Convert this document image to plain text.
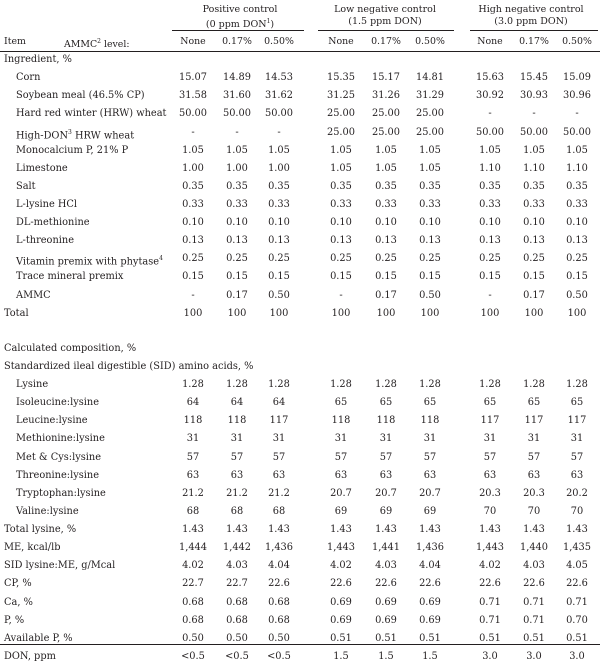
Positive control
(0 ppm DON$^1$)
Low negative control
(1.5 ppm DON)
High negative control
(3.0 ppm DON)
Item	AMMC$^2$ level:	None	0.17%	0.50%	None	0.17%	0.50%	None	0.17%	0.50%
Ingredient, %
Corn	15.07	14.89	14.53	15.35	15.17	14.81	15.63	15.45	15.09
Soybean meal (46.5% CP)	31.58	31.60	31.62	31.25	31.26	31.29	30.92	30.93	30.96
Hard red winter (HRW) wheat	50.00	50.00	50.00	25.00	25.00	25.00	-	-	-
High-DON$^3$ HRW wheat	-	-	-	25.00	25.00	25.00	50.00	50.00	50.00
Monocalcium P, 21% P	1.05	1.05	1.05	1.05	1.05	1.05	1.05	1.05	1.05
Limestone	1.00	1.00	1.00	1.05	1.05	1.05	1.10	1.10	1.10
Salt	0.35	0.35	0.35	0.35	0.35	0.35	0.35	0.35	0.35
L-lysine HCl	0.33	0.33	0.33	0.33	0.33	0.33	0.33	0.33	0.33
DL-methionine	0.10	0.10	0.10	0.10	0.10	0.10	0.10	0.10	0.10
L-threonine	0.13	0.13	0.13	0.13	0.13	0.13	0.13	0.13	0.13
Vitamin premix with phytase$^4$	0.25	0.25	0.25	0.25	0.25	0.25	0.25	0.25	0.25
Trace mineral premix	0.15	0.15	0.15	0.15	0.15	0.15	0.15	0.15	0.15
AMMC	-	0.17	0.50	-	0.17	0.50	-	0.17	0.50
Total	100	100	100	100	100	100	100	100	100
Calculated composition, %
Standardized ileal digestible (SID) amino acids, %
Lysine	1.28	1.28	1.28	1.28	1.28	1.28	1.28	1.28	1.28
Isoleucine:lysine	64	64	64	65	65	65	65	65	65
Leucine:lysine	118	118	117	118	118	118	117	117	117
Methionine:lysine	31	31	31	31	31	31	31	31	31
Met & Cys:lysine	57	57	57	57	57	57	57	57	57
Threonine:lysine	63	63	63	63	63	63	63	63	63
Tryptophan:lysine	21.2	21.2	21.2	20.7	20.7	20.7	20.3	20.3	20.2
Valine:lysine	68	68	68	69	69	69	70	70	70
Total lysine, %	1.43	1.43	1.43	1.43	1.43	1.43	1.43	1.43	1.43
ME, kcal/lb	1,444	1,442	1,436	1,443	1,441	1,436	1,443	1,440	1,435
SID lysine:ME, g/Mcal	4.02	4.03	4.04	4.02	4.03	4.04	4.02	4.03	4.05
CP, %	22.7	22.7	22.6	22.6	22.6	22.6	22.6	22.6	22.6
Ca, %	0.68	0.68	0.68	0.69	0.69	0.69	0.71	0.71	0.71
P, %	0.68	0.68	0.68	0.69	0.69	0.69	0.71	0.71	0.70
Available P, %	0.50	0.50	0.50	0.51	0.51	0.51	0.51	0.51	0.51
DON, ppm	<0.5	<0.5	<0.5	1.5	1.5	1.5	3.0	3.0	3.0
